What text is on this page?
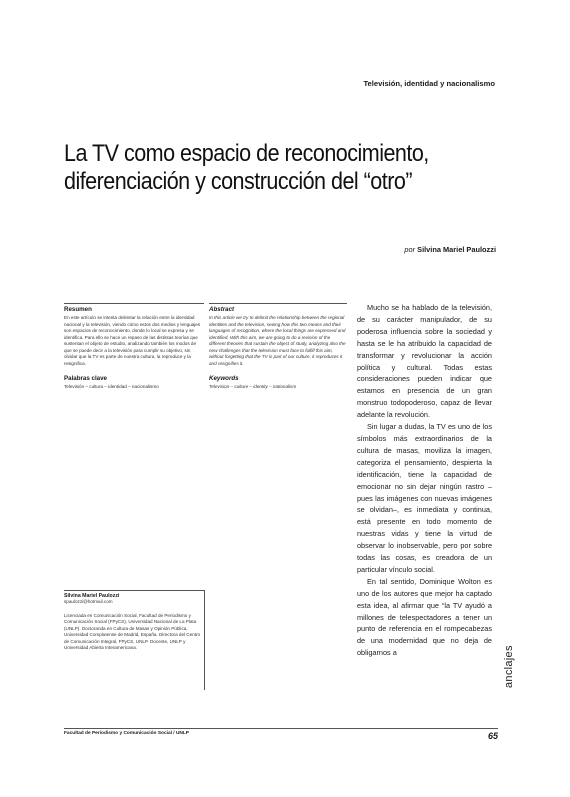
Televisión, identidad y nacionalismo
La TV como espacio de reconocimiento,
diferenciación y construcción del “otro”
por Silvina Mariel Paulozzi
Resumen
En este artículo se intenta delimitar la relación entre la identidad nacional y la televisión, viendo cómo estos dos medios y lenguajes son espacios de reconocimiento, donde lo local se expresa y se identifica. Para ello se hace un repaso de las distintas teorías que sustentan el objeto de estudio, analizando también los modos de que se puede decir a la televisión para cumplir su objetivo, sin olvidar que la TV es parte de nuestra cultura, la reproduce y la resignifica.
Palabras clave
Televisión – cultura – identidad – nacionalismo
Abstract
In this article we try to delimit the relationship between the regional identities and the television, seeing how this two means and their languages of recognition, where the local things are expressed and identified. With this aim, we are going to do a revision of the different theories that sustain the object of study, analyzing also the new challenges that the television must face to fulfill this aim, without forgetting that the TV is part of our culture, it reproduces it and resignifies it.
Keywords
Television – culture – identity – nationalism
Silvina Mariel Paulozzi
spaulozzi@hotmail.com
Licenciada en Comunicación Social, Facultad de Periodismo y Comunicación Social (FPyCS), Universidad Nacional de La Plata (UNLP). Doctoranda en Cultura de Masas y Opinión Pública, Universidad Complutense de Madrid, España. Directora del Centro de Comunicación Integral, FPyCS, UNLP. Docente, UNLP y Universidad Abierta Interamericana.

Mucho se ha hablado de la televisión, de su carácter manipulador, de su poderosa influencia sobre la sociedad y hasta se le ha atribuido la capacidad de transformar y revolucionar la acción política y cultural. Todas estas consideraciones pueden indicar que estamos en presencia de un gran monstruo todopoderoso, capaz de llevar adelante la revolución.

Sin lugar a dudas, la TV es uno de los símbolos más extraordinarios de la cultura de masas, moviliza la imagen, categoriza el pensamiento, despierta la identificación, tiene la capacidad de emocionar no sin dejar ningún rastro –pues las imágenes con nuevas imágenes se olvidan–, es inmediata y continua, está presente en todo momento de nuestras vidas y tiene la virtud de observar lo inobservable, pero por sobre todas las cosas, es creadora de un particular vínculo social.

En tal sentido, Dominique Wolton es uno de los autores que mejor ha captado esta idea, al afirmar que “la TV ayudó a millones de telespectadores a tener un punto de referencia en el rompecabezas de una modernidad que no deja de obligarnos a	anclajes
Facultad de Periodismo y Comunicación Social / UNLP	65
